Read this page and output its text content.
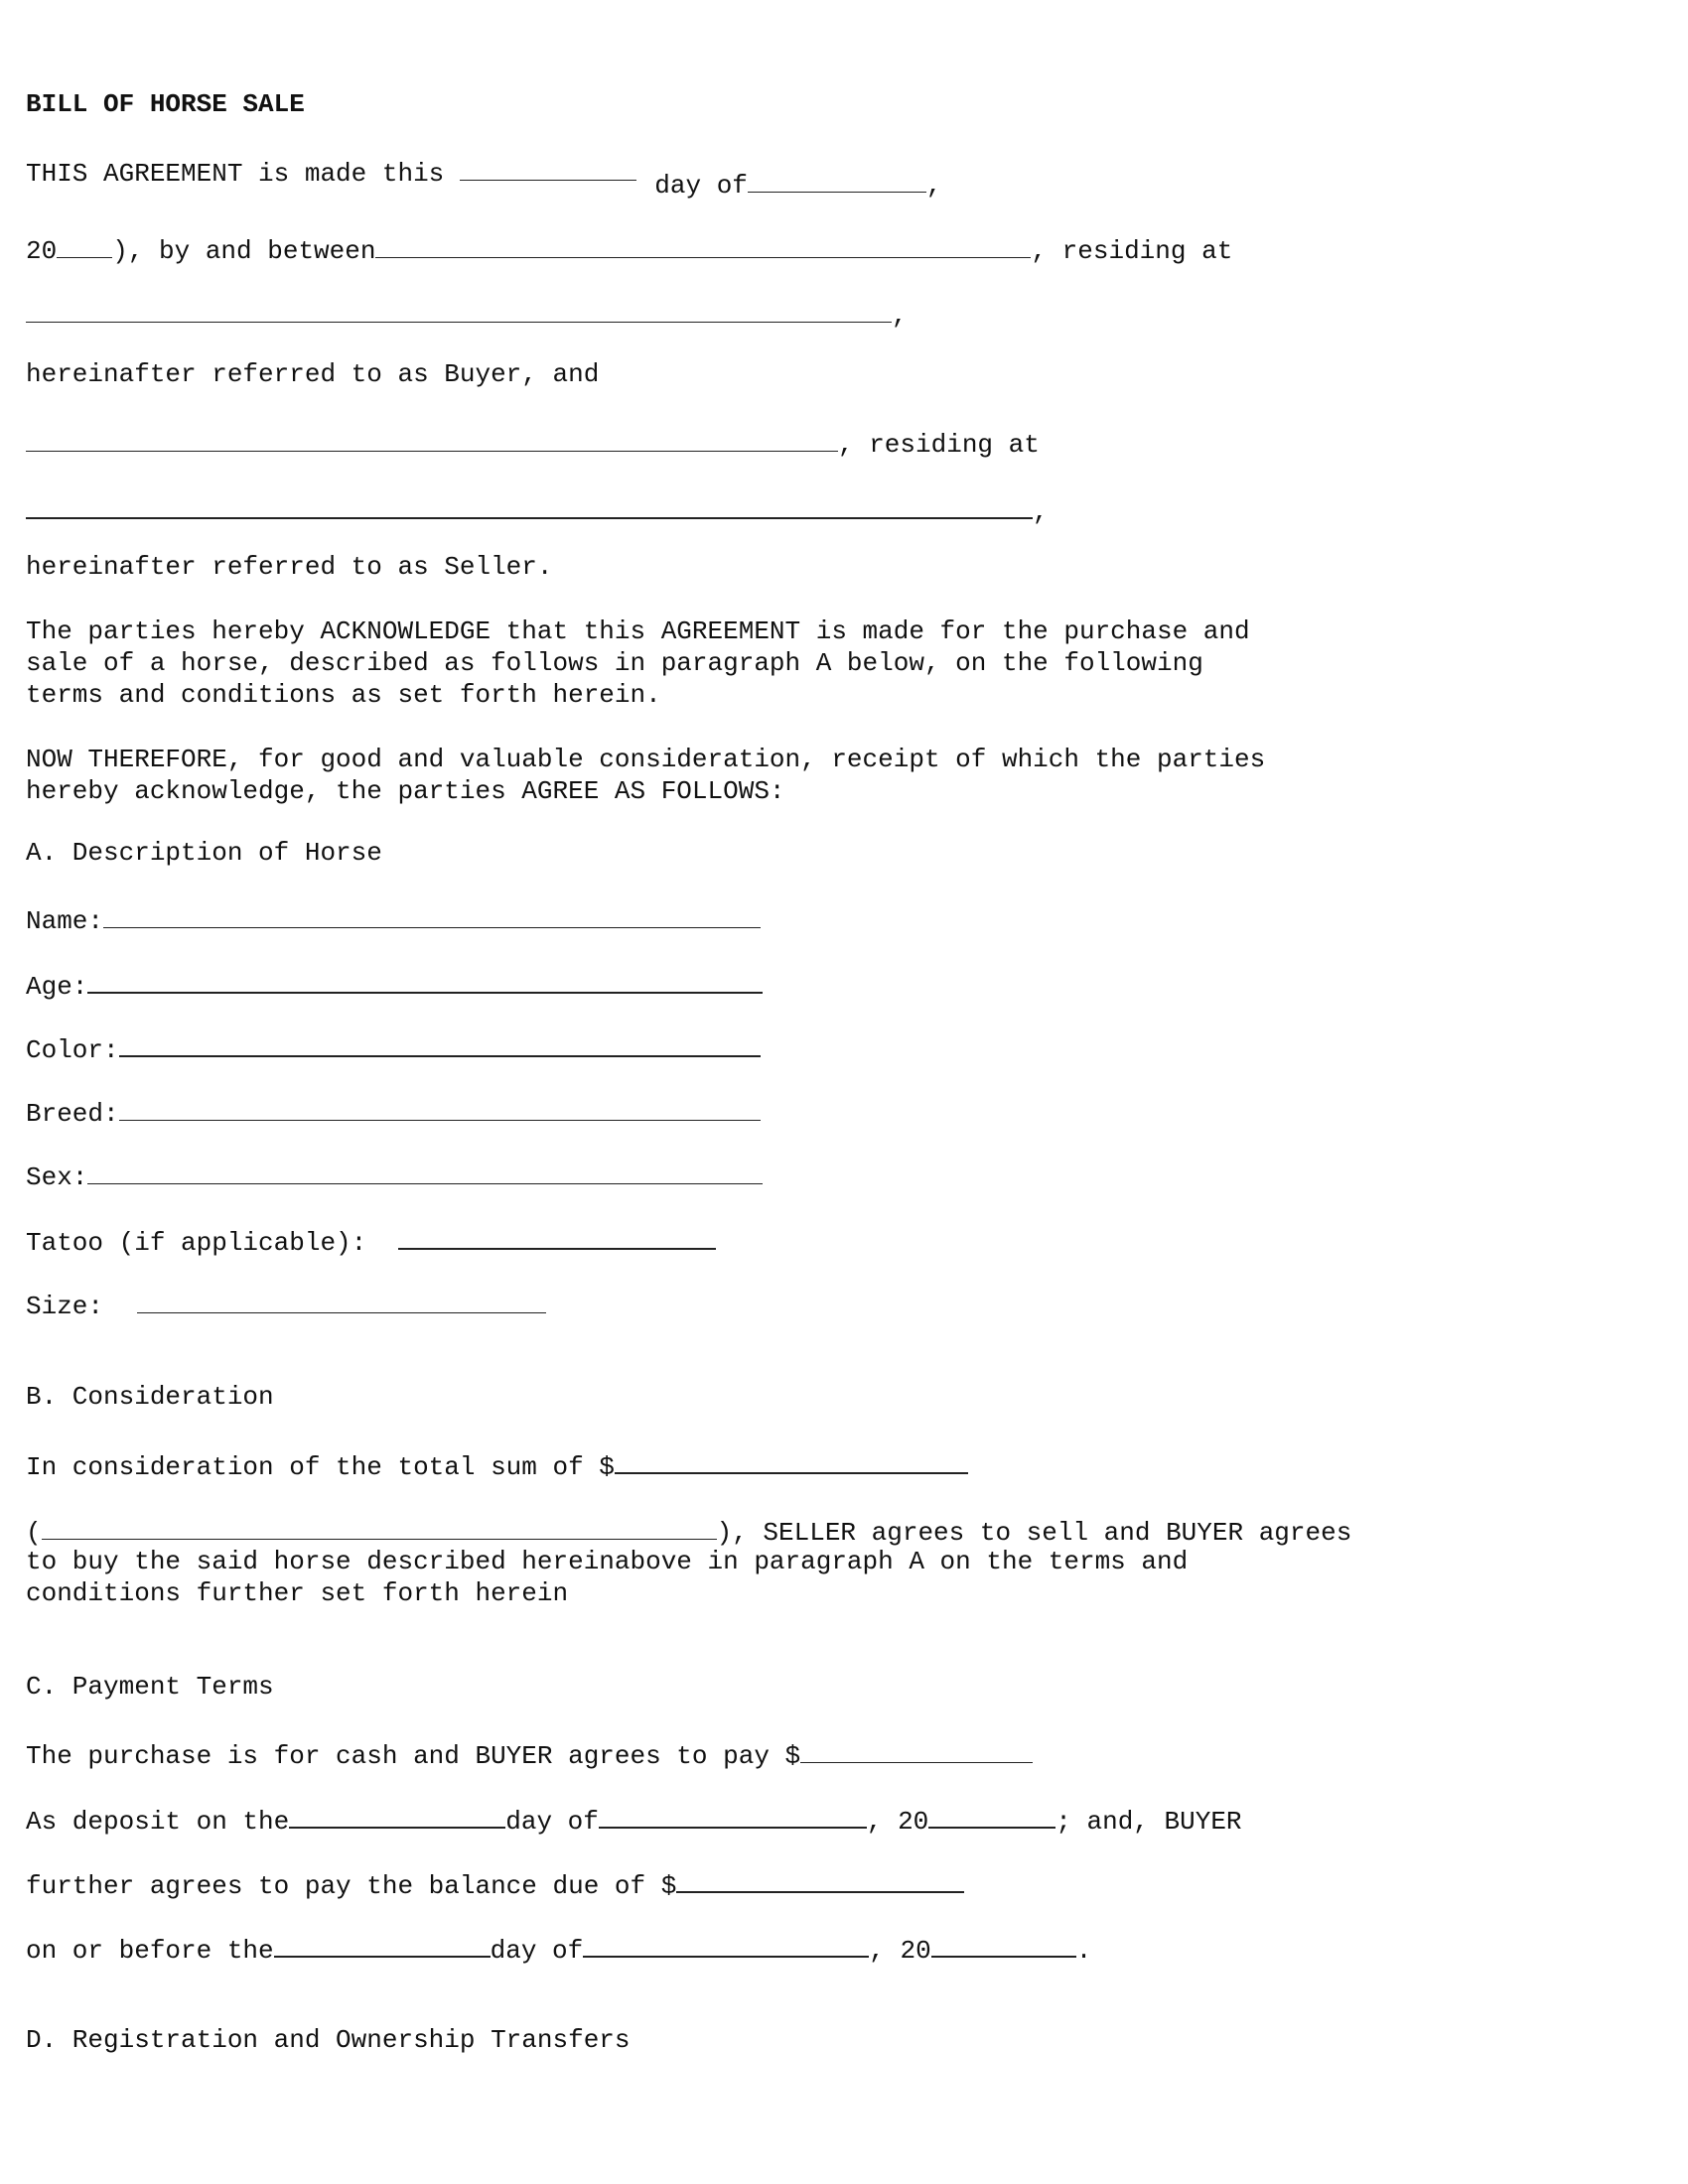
BILL OF HORSE SALE
THIS AGREEMENT is made this	day of	,
20 ), by and between	, residing at
,
hereinafter referred to as Buyer, and
, residing at
,
hereinafter referred to as Seller.
The parties hereby ACKNOWLEDGE that this AGREEMENT is made for the purchase and
sale of a horse, described as follows in paragraph A below, on the following
terms and conditions as set forth herein.
NOW THEREFORE, for good and valuable consideration, receipt of which the parties
hereby acknowledge, the parties AGREE AS FOLLOWS:
A. Description of Horse
Name:
Age:
Color:
Breed:
Sex:
Tatoo (if applicable):
Size:
B. Consideration
In consideration of the total sum of $
(	), SELLER agrees to sell and BUYER agrees
to buy the said horse described hereinabove in paragraph A on the terms and
conditions further set forth herein
C. Payment Terms
The purchase is for cash and BUYER agrees to pay $
As deposit on the	day of	, 20	; and, BUYER
further agrees to pay the balance due of $
on or before the	day of	, 20	.
D. Registration and Ownership Transfers
